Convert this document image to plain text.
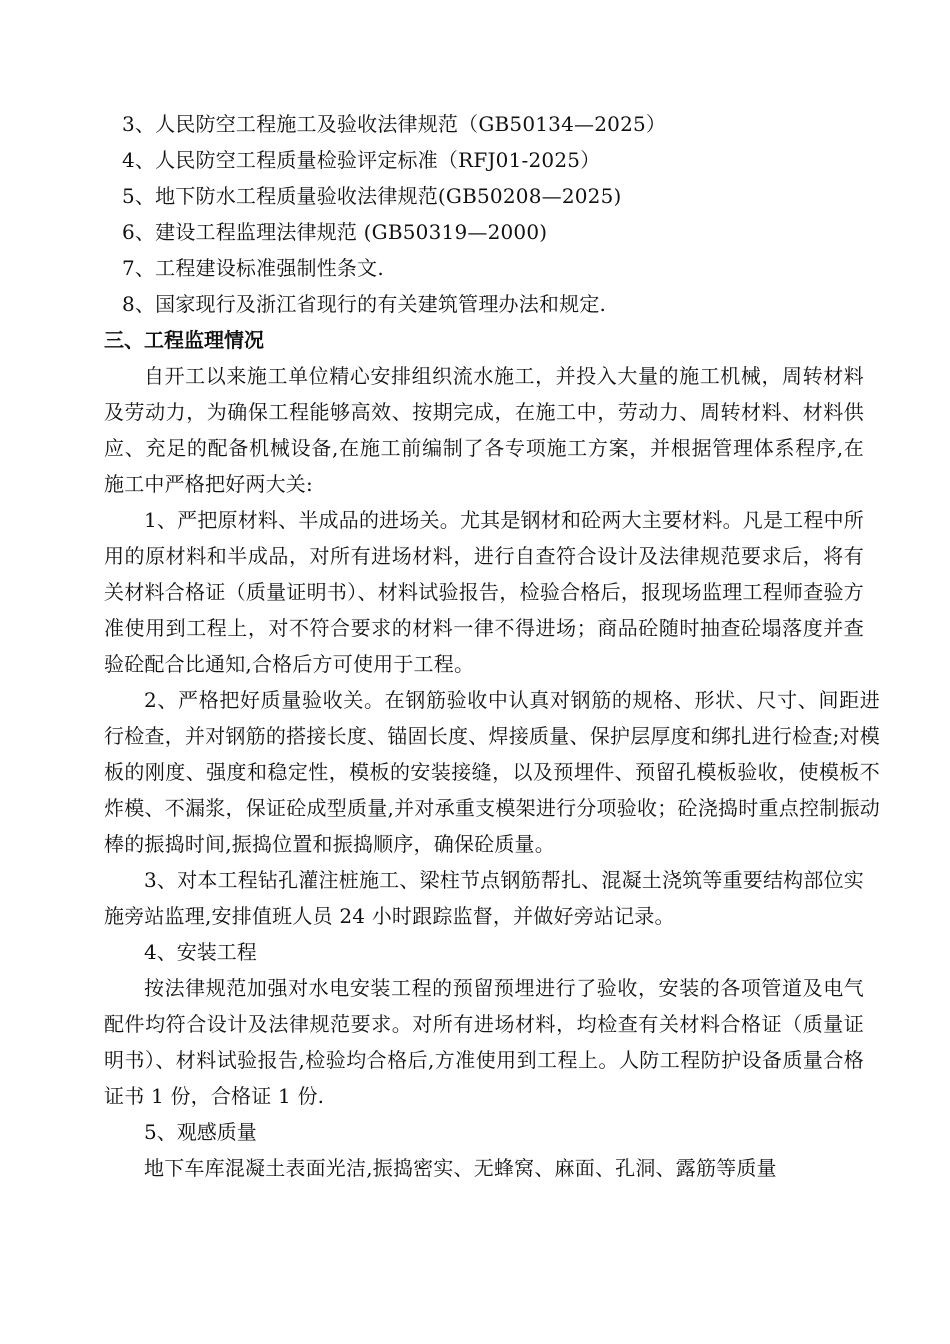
3、人民防空工程施工及验收法律规范（GB50134—2025）
4、人民防空工程质量检验评定标准（RFJ01-2025）
5、地下防水工程质量验收法律规范(GB50208—2025)
6、建设工程监理法律规范 (GB50319—2000)
7、工程建设标准强制性条文.
8、国家现行及浙江省现行的有关建筑管理办法和规定.
三、工程监理情况
自开工以来施工单位精心安排组织流水施工，并投入大量的施工机械，周转材料及劳动力，为确保工程能够高效、按期完成，在施工中，劳动力、周转材料、材料供应、充足的配备机械设备,在施工前编制了各专项施工方案，并根据管理体系程序,在施工中严格把好两大关:
1、严把原材料、半成品的进场关。尤其是钢材和砼两大主要材料。凡是工程中所用的原材料和半成品，对所有进场材料，进行自查符合设计及法律规范要求后，将有关材料合格证（质量证明书）、材料试验报告，检验合格后，报现场监理工程师查验方准使用到工程上，对不符合要求的材料一律不得进场；商品砼随时抽查砼塌落度并查验砼配合比通知,合格后方可使用于工程。
2、严格把好质量验收关。在钢筋验收中认真对钢筋的规格、形状、尺寸、间距进行检查，并对钢筋的搭接长度、锚固长度、焊接质量、保护层厚度和绑扎进行检查;对模板的刚度、强度和稳定性，模板的安装接缝，以及预埋件、预留孔模板验收，使模板不炸模、不漏浆，保证砼成型质量,并对承重支模架进行分项验收；砼浇捣时重点控制振动棒的振捣时间,振捣位置和振捣顺序，确保砼质量。
3、对本工程钻孔灌注桩施工、梁柱节点钢筋帮扎、混凝土浇筑等重要结构部位实施旁站监理,安排值班人员 24 小时跟踪监督，并做好旁站记录。
4、安装工程
按法律规范加强对水电安装工程的预留预埋进行了验收，安装的各项管道及电气配件均符合设计及法律规范要求。对所有进场材料，均检查有关材料合格证（质量证明书）、材料试验报告,检验均合格后,方准使用到工程上。人防工程防护设备质量合格证书 1 份，合格证 1 份.
5、观感质量
地下车库混凝土表面光洁,振捣密实、无蜂窝、麻面、孔洞、露筋等质量
